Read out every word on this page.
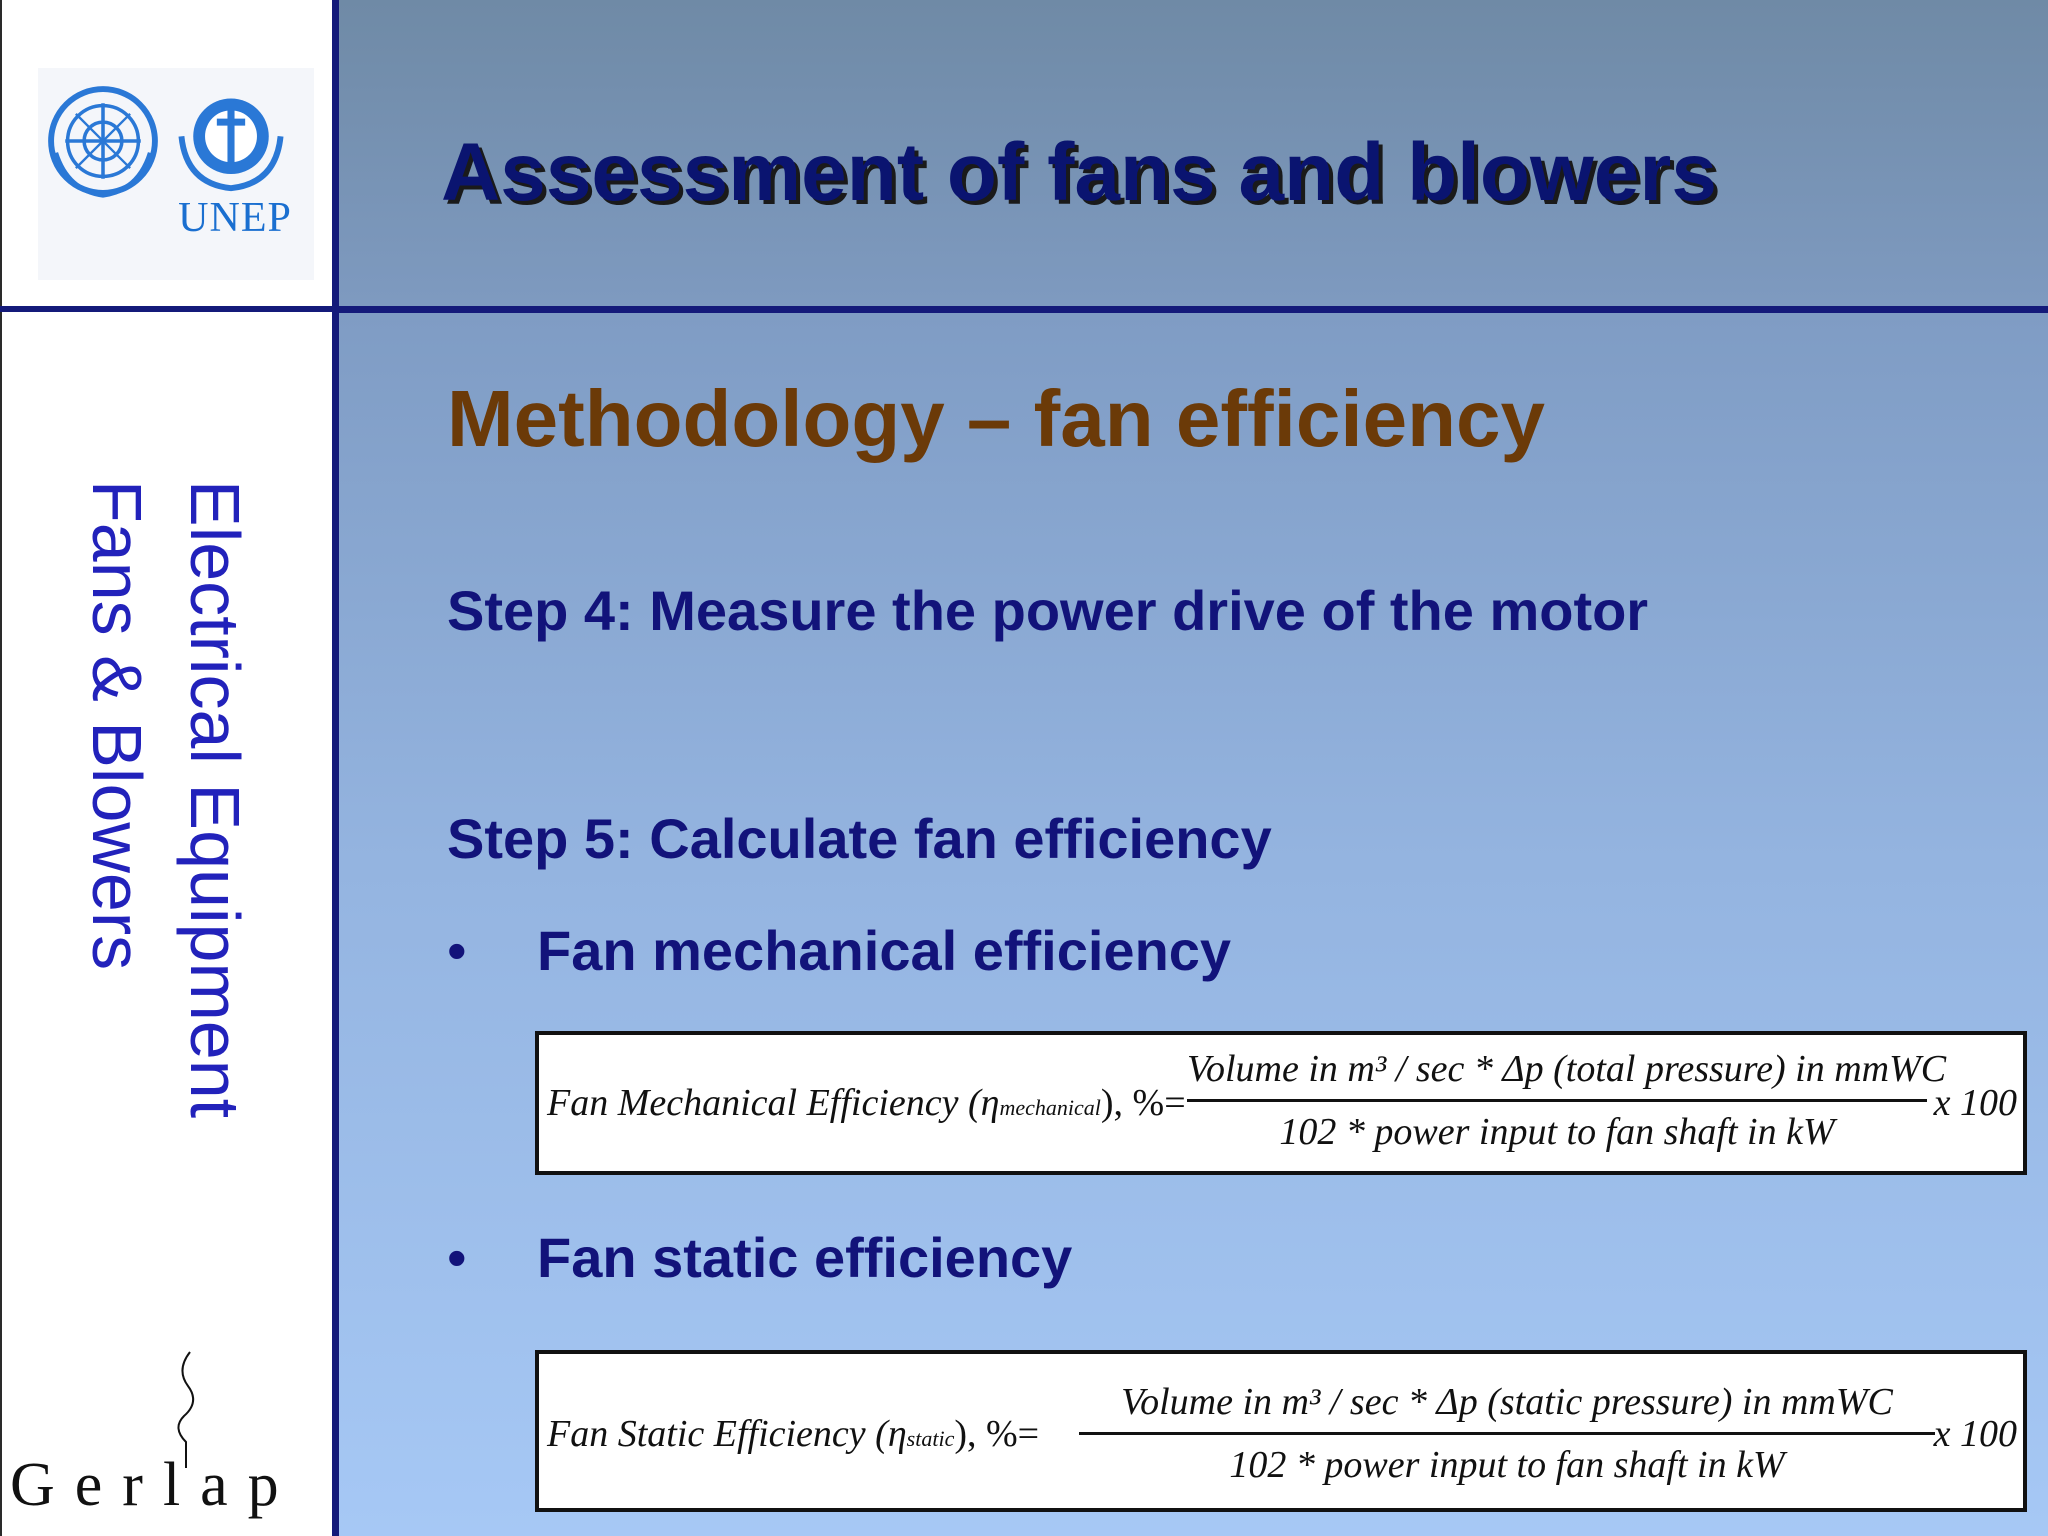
UNEP
Electrical Equipment
Fans & Blowers
Gerlap
Assessment of fans and blowers
Methodology – fan efficiency
Step 4: Measure the power drive of the motor
Step 5: Calculate fan efficiency
• Fan mechanical efficiency
Fan Mechanical Efficiency (ηmechanical), %=
Volume in m³ / sec * Δp (total pressure) in mmWC
102 * power input to fan shaft in kW
x 100
• Fan static efficiency
Fan Static Efficiency (ηstatic), %=
Volume in m³ / sec * Δp (static pressure) in mmWC
102 * power input to fan shaft in kW
x 100
